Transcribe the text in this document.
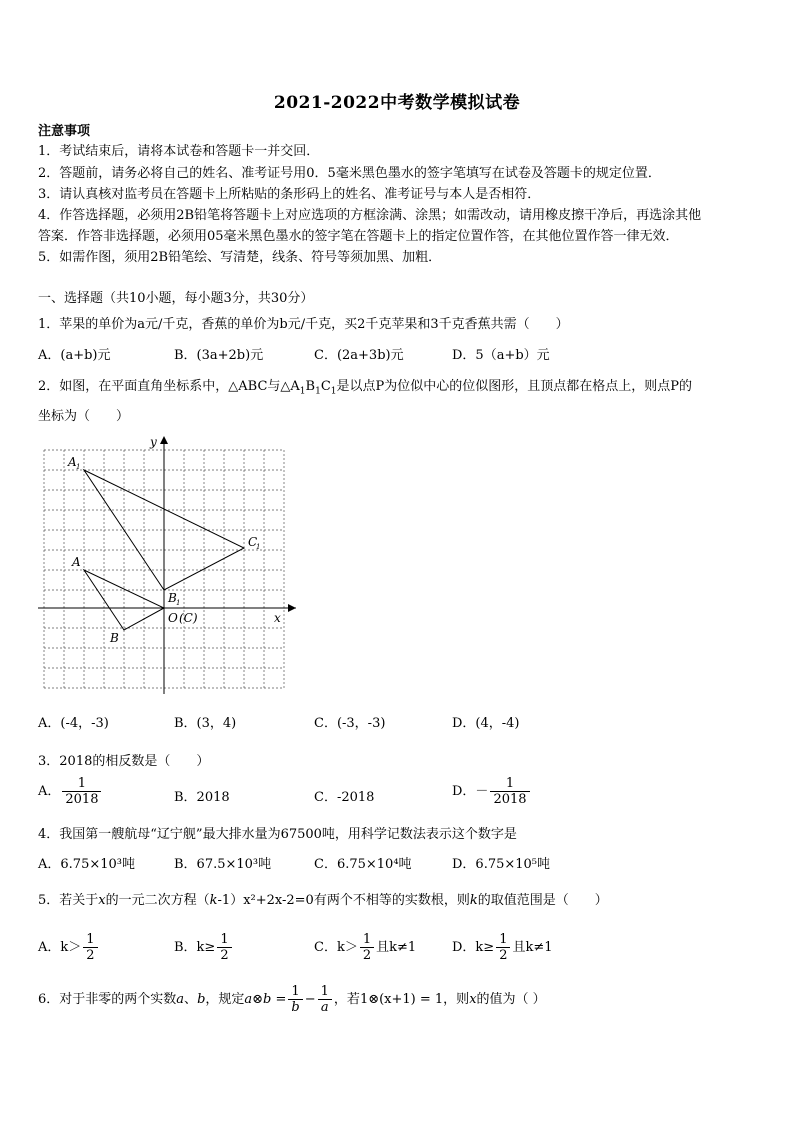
2021-2022中考数学模拟试卷
注意事项
1．考试结束后，请将本试卷和答题卡一并交回．
2．答题前，请务必将自己的姓名、准考证号用0．5毫米黑色墨水的签字笔填写在试卷及答题卡的规定位置．
3．请认真核对监考员在答题卡上所粘贴的条形码上的姓名、准考证号与本人是否相符．
4．作答选择题，必须用2B铅笔将答题卡上对应选项的方框涂满、涂黑；如需改动，请用橡皮擦干净后，再选涂其他
答案．作答非选择题，必须用05毫米黑色墨水的签字笔在答题卡上的指定位置作答，在其他位置作答一律无效．
5．如需作图，须用2B铅笔绘、写清楚，线条、符号等须加黑、加粗．
一、选择题（共10小题，每小题3分，共30分）
1．苹果的单价为a元/千克，香蕉的单价为b元/千克，买2千克苹果和3千克香蕉共需（　　）
A．(a+b)元	B．(3a+2b)元	C．(2a+3b)元	D．5（a+b）元
2．如图，在平面直角坐标系中，△ABC与$\triangle A_1B_1C_1$是以点P为位似中心的位似图形，且顶点都在格点上，则点P的
坐标为（　　）
y
x
A 1
C
1
A
B 1
B
O (C)
A．(-4，-3)	B．(3，4)	C．(-3，-3)	D．(4，-4)
3．2018的相反数是（　　）
A． $\frac{1}{2018}$	B．2018	C．-2018	D．－ $\frac{1}{2018}$
4．我国第一艘航母“辽宁舰”最大排水量为67500吨，用科学记数法表示这个数字是
A．6.75×10³吨	B．67.5×10³吨	C．6.75×10⁴吨	D．6.75×10⁵吨
5．若关于x的一元二次方程（k-1）x²+2x-2=0有两个不相等的实数根，则k的取值范围是（　　）
A．$k> \frac{1}{2}$	B．$k\ge \frac{1}{2}$	C．$k> \frac{1}{2}$ 且k≠1	D．$k\ge \frac{1}{2}$ 且k≠1
6．对于非零的两个实数a、b，规定a⊗b = $\frac{1}{b} - \frac{1}{a}$ ，若1⊗(x+1) = 1，则x的值为（ ）
